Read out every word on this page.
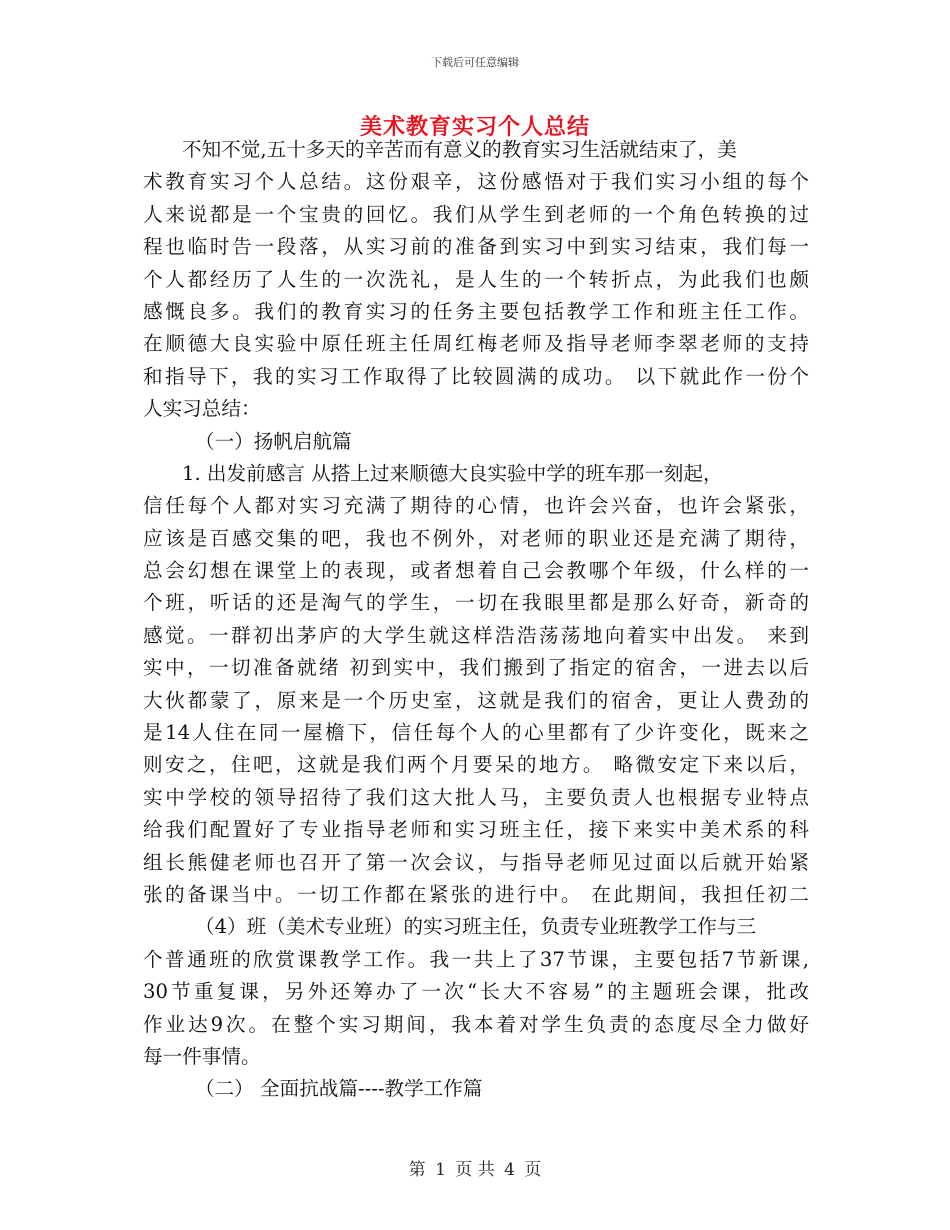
下载后可任意编辑
美术教育实习个人总结
不知不觉,五十多天的辛苦而有意义的教育实习生活就结束了，美
术教育实习个人总结。这份艰辛，这份感悟对于我们实习小组的每个
人来说都是一个宝贵的回忆。我们从学生到老师的一个角色转换的过
程也临时告一段落，从实习前的准备到实习中到实习结束，我们每一
个人都经历了人生的一次洗礼，是人生的一个转折点，为此我们也颇
感慨良多。我们的教育实习的任务主要包括教学工作和班主任工作。
在顺德大良实验中原任班主任周红梅老师及指导老师李翠老师的支持
和指导下，我的实习工作取得了比较圆满的成功。 以下就此作一份个
人实习总结：
（一）扬帆启航篇
1. 出发前感言 从搭上过来顺德大良实验中学的班车那一刻起，
信任每个人都对实习充满了期待的心情，也许会兴奋，也许会紧张，
应该是百感交集的吧，我也不例外，对老师的职业还是充满了期待，
总会幻想在课堂上的表现，或者想着自己会教哪个年级，什么样的一
个班，听话的还是淘气的学生，一切在我眼里都是那么好奇，新奇的
感觉。一群初出茅庐的大学生就这样浩浩荡荡地向着实中出发。 来到
实中，一切准备就绪 初到实中，我们搬到了指定的宿舍，一进去以后
大伙都蒙了，原来是一个历史室，这就是我们的宿舍，更让人费劲的
是14人住在同一屋檐下，信任每个人的心里都有了少许变化，既来之
则安之，住吧，这就是我们两个月要呆的地方。 略微安定下来以后，
实中学校的领导招待了我们这大批人马，主要负责人也根据专业特点
给我们配置好了专业指导老师和实习班主任，接下来实中美术系的科
组长熊健老师也召开了第一次会议，与指导老师见过面以后就开始紧
张的备课当中。一切工作都在紧张的进行中。 在此期间，我担任初二
（4）班（美术专业班）的实习班主任，负责专业班教学工作与三
个普通班的欣赏课教学工作。我一共上了37节课，主要包括7节新课,
30节重复课，另外还筹办了一次“长大不容易”的主题班会课，批改
作业达9次。在整个实习期间，我本着对学生负责的态度尽全力做好
每一件事情。
（二） 全面抗战篇----教学工作篇
第 1 页 共 4 页
